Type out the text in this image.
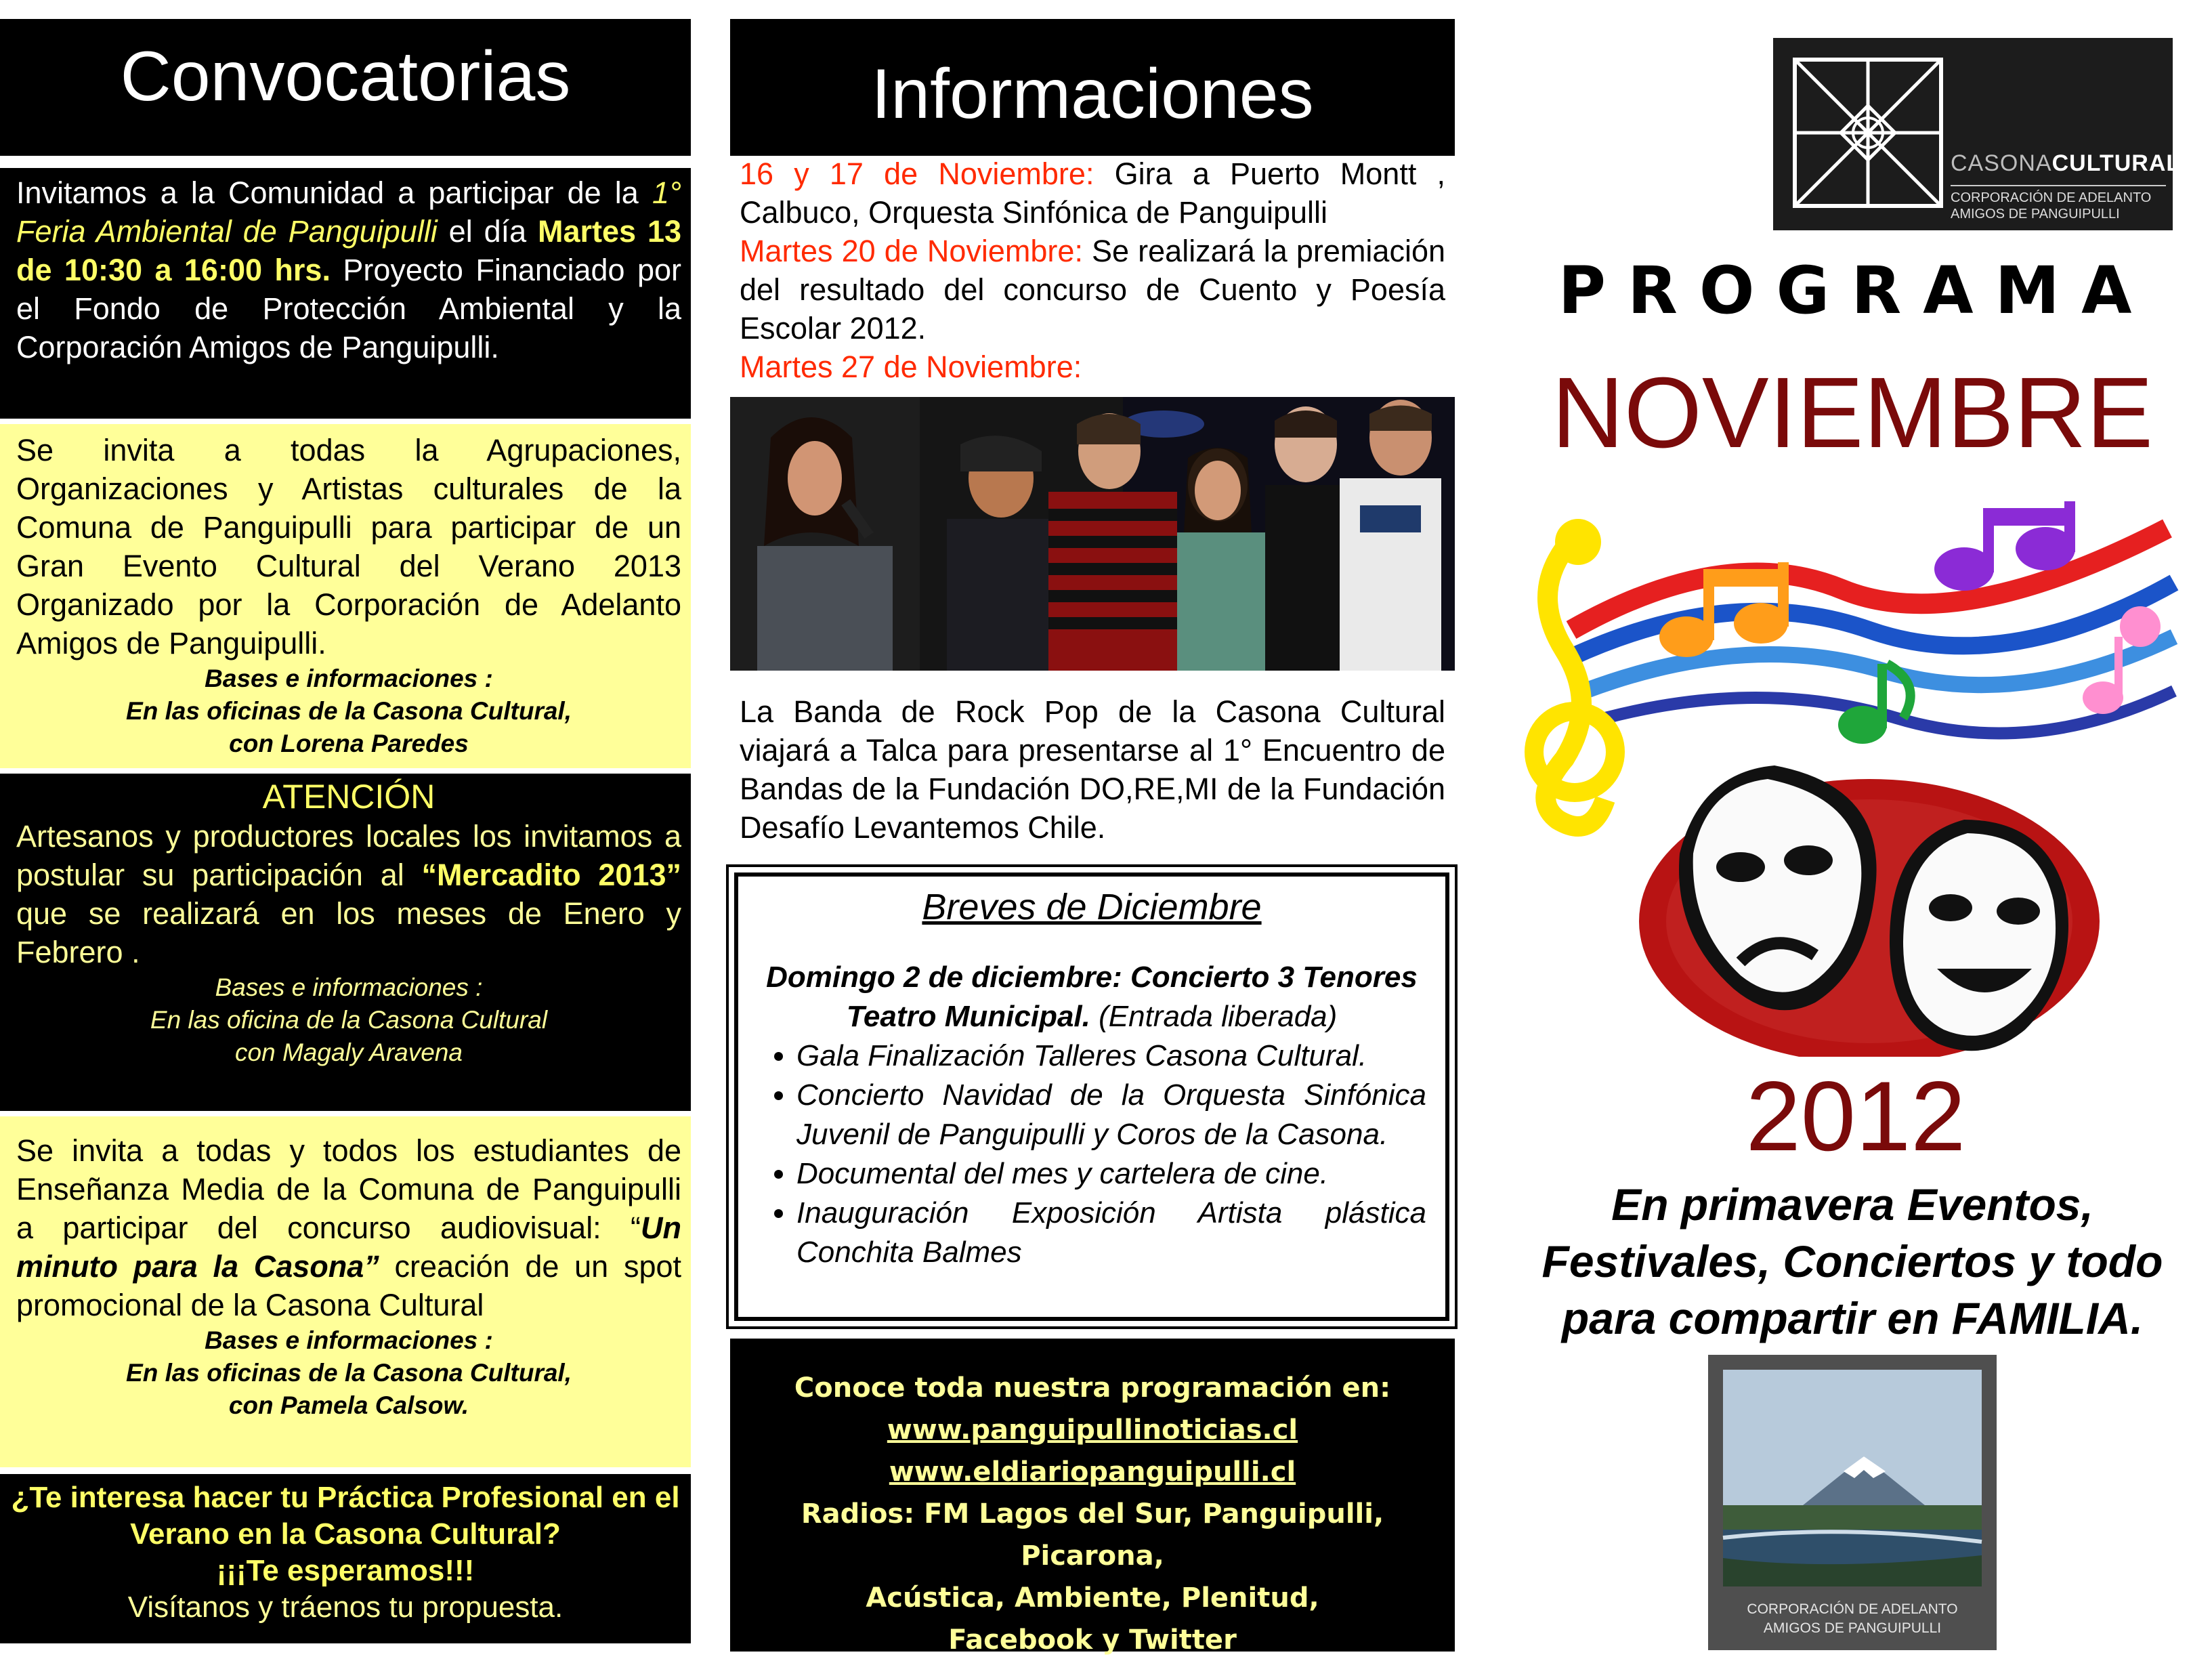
Convocatorias
Invitamos a la Comunidad a participar de la 1° Feria Ambiental de Panguipulli el día Martes 13 de 10:30 a 16:00 hrs. Proyecto Financiado por el Fondo de Protección Ambiental y la Corporación Amigos de Panguipulli.
Se invita a todas la Agrupaciones, Organizaciones y Artistas culturales de la Comuna de Panguipulli para participar de un Gran Evento Cultural del Verano 2013 Organizado por la Corporación de Adelanto Amigos de Panguipulli.
Bases e informaciones :
En las oficinas de la Casona Cultural,
con Lorena Paredes
ATENCIÓN
Artesanos y productores locales los invitamos a postular su participación al “Mercadito 2013” que se realizará en los meses de Enero y Febrero .
Bases e informaciones :
En las oficina de la Casona Cultural
con Magaly Aravena
Se invita a todas y todos los estudiantes de Enseñanza Media de la Comuna de Panguipulli a participar del concurso audiovisual: “Un minuto para la Casona” creación de un spot promocional de la Casona Cultural
Bases e informaciones :
En las oficinas de la Casona Cultural,
con Pamela Calsow.
¿Te interesa hacer tu Práctica Profesional en el Verano en la Casona Cultural?
¡¡¡Te esperamos!!!
Visítanos y tráenos tu propuesta.
Informaciones
16 y 17 de Noviembre: Gira a Puerto Montt , Calbuco, Orquesta Sinfónica de Panguipulli
Martes 20 de Noviembre: Se realizará la premiación del resultado del concurso de Cuento y Poesía Escolar 2012.
Martes 27 de Noviembre:
La Banda de Rock Pop de la Casona Cultural viajará a Talca para presentarse al 1° Encuentro de Bandas de la Fundación DO,RE,MI de la Fundación Desafío Levantemos Chile.
Breves de Diciembre
Domingo 2 de diciembre: Concierto 3 Tenores
Teatro Municipal. (Entrada liberada)
• Gala Finalización Talleres Casona Cultural.
• Concierto Navidad de la Orquesta Sinfónica Juvenil de Panguipulli y Coros de la Casona.
• Documental del mes y cartelera de cine.
• Inauguración Exposición Artista plástica Conchita Balmes
Conoce toda nuestra programación en:
www.panguipullinoticias.cl
www.eldiariopanguipulli.cl
Radios: FM Lagos del Sur, Panguipulli, Picarona,
Acústica, Ambiente, Plenitud,
Facebook y Twitter
CASONACULTURAL
CORPORACIÓN DE ADELANTO
AMIGOS DE PANGUIPULLI
PROGRAMA
NOVIEMBRE
2012
En primavera Eventos,
Festivales, Conciertos y todo
para compartir en FAMILIA.
CORPORACIÓN DE ADELANTO
AMIGOS DE PANGUIPULLI
